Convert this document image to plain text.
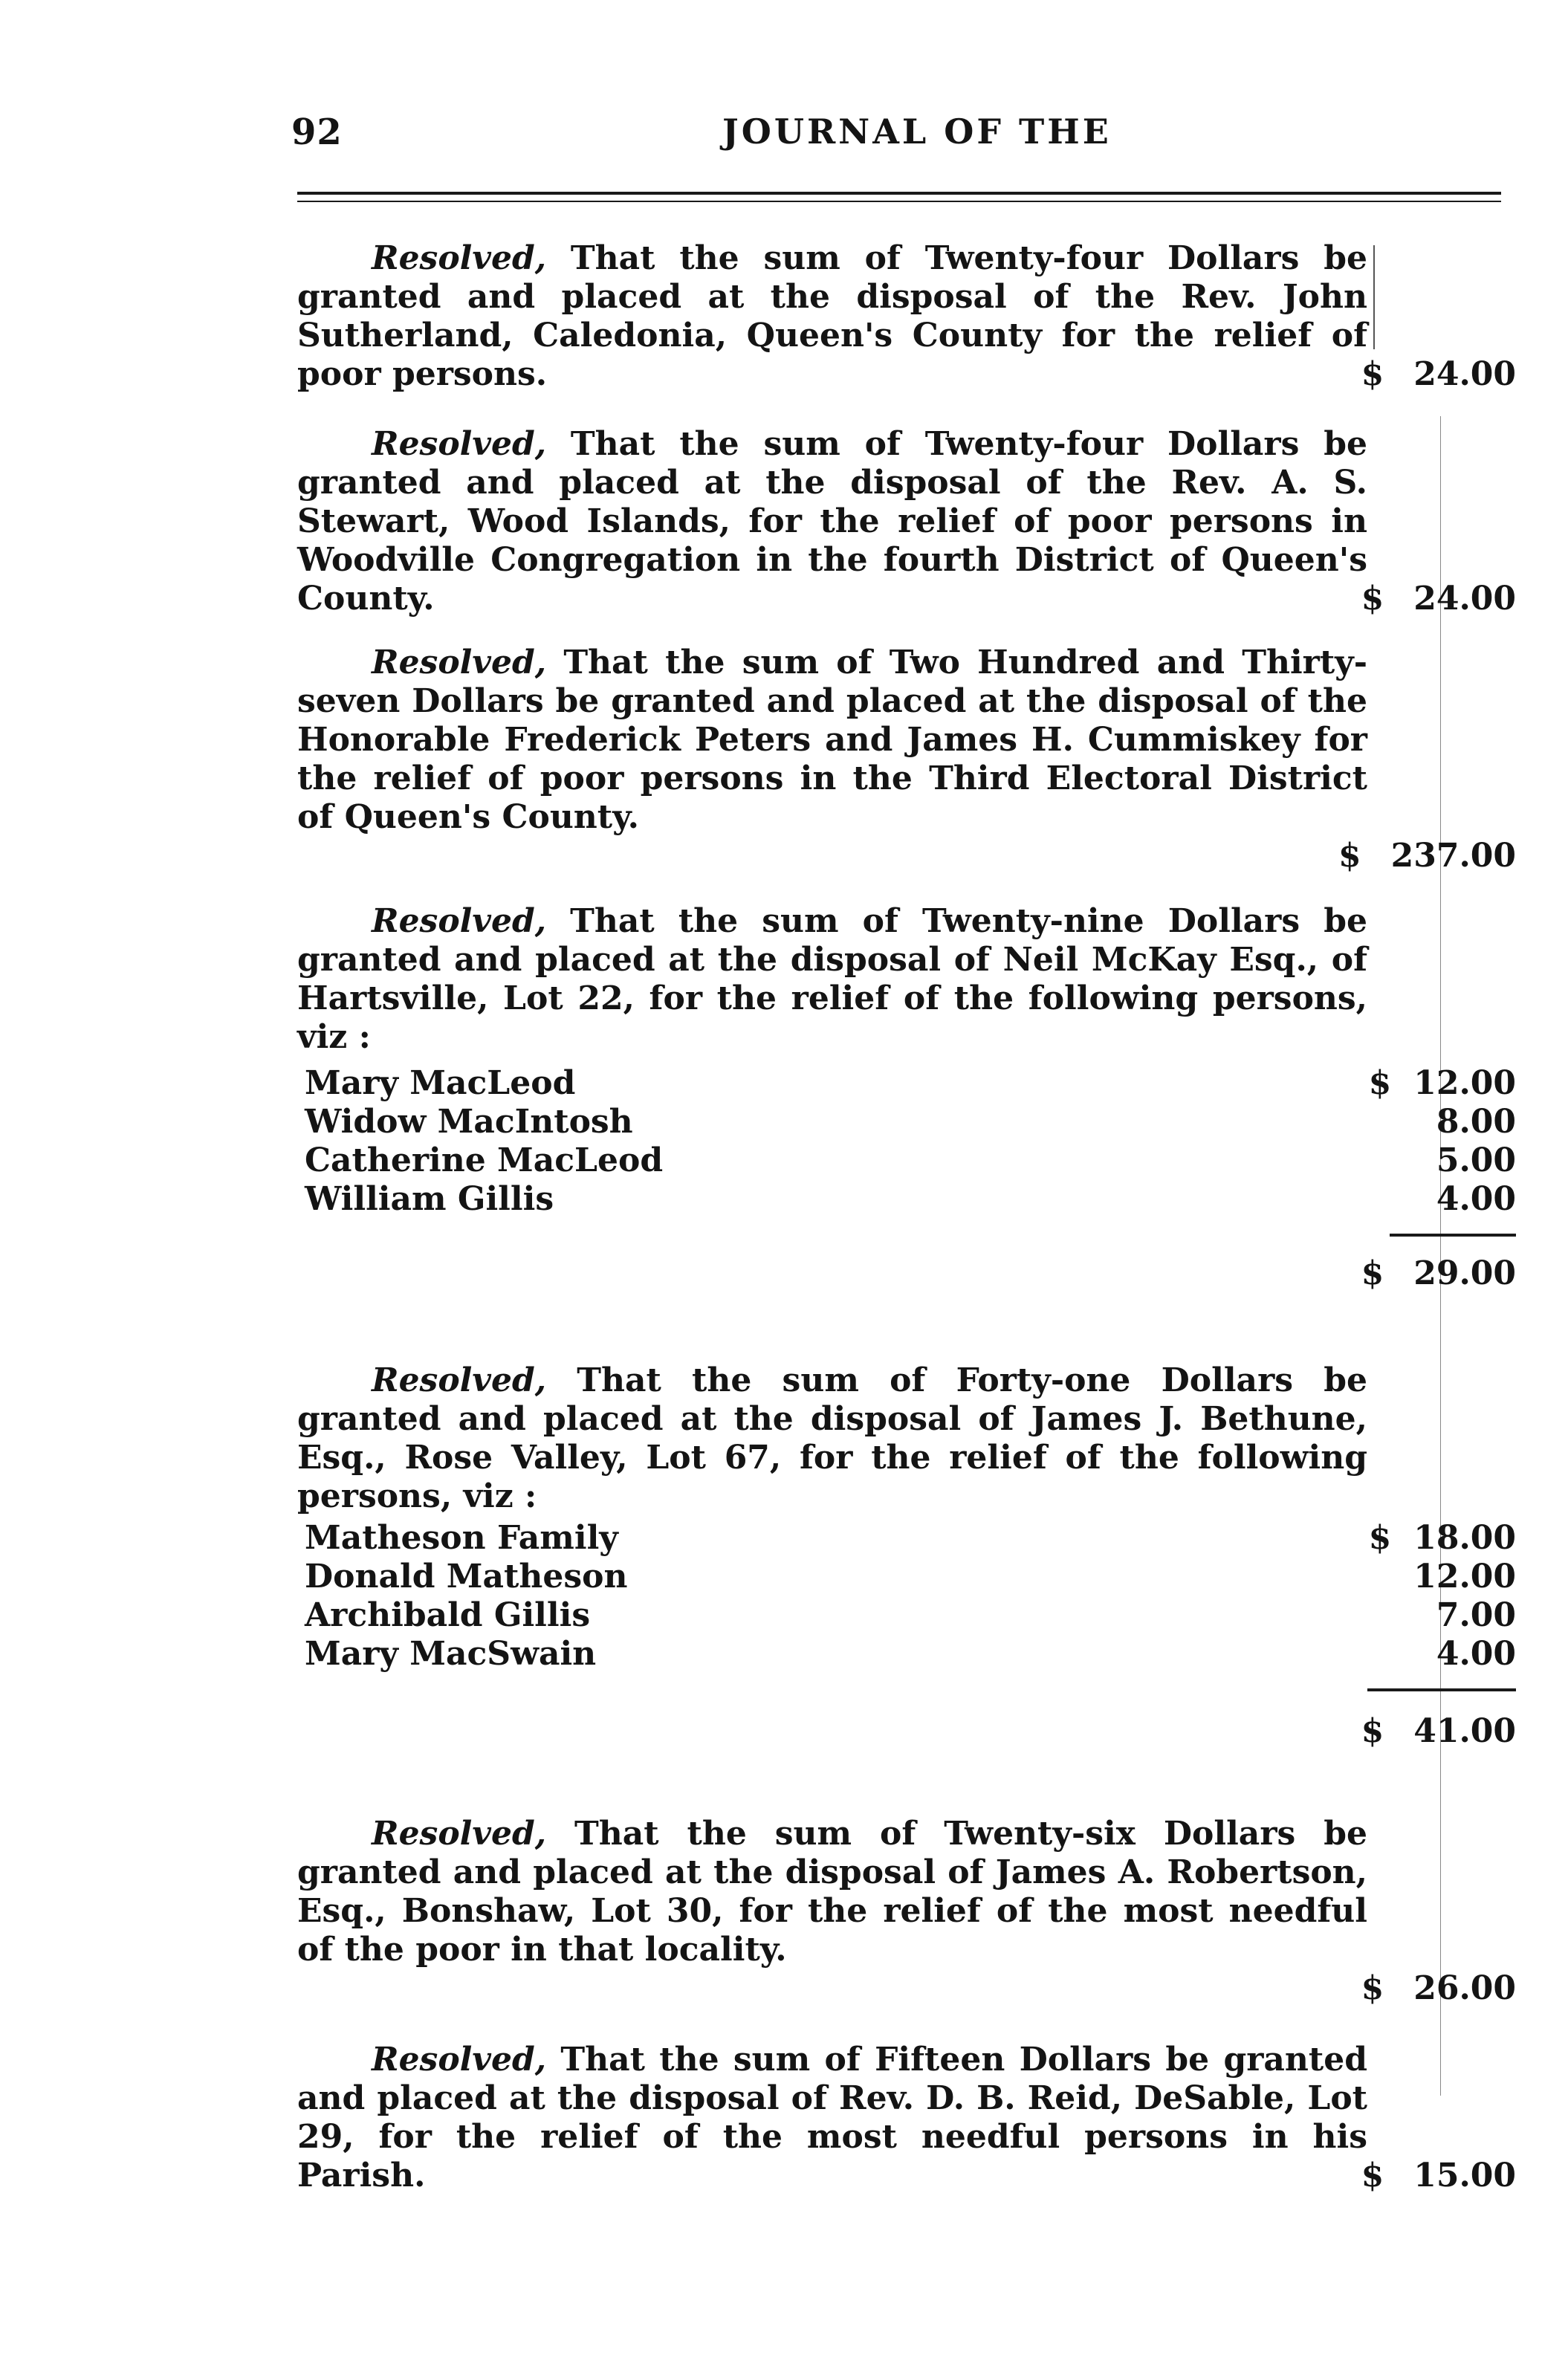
92	JOURNAL OF THE
Resolved, That the sum of Twenty-four Dollars be granted and placed at the disposal of the Rev. John Sutherland, Caledonia, Queen's County for the relief of poor persons.	$ 24.00

Resolved, That the sum of Twenty-four Dollars be granted and placed at the disposal of the Rev. A. S. Stewart, Wood Islands, for the relief of poor persons in Woodville Congregation in the fourth District of Queen's County.	$ 24.00

Resolved, That the sum of Two Hundred and Thirty-seven Dollars be granted and placed at the disposal of the Honorable Frederick Peters and James H. Cummiskey for the relief of poor persons in the Third Electoral District of Queen's County.

$ 237.00

Resolved, That the sum of Twenty-nine Dollars be granted and placed at the disposal of Neil McKay Esq., of Hartsville, Lot 22, for the relief of the following persons, viz :
Mary MacLeod	$ 12.00
Widow MacIntosh	8.00
Catherine MacLeod	5.00
William Gillis	4.00
$ 29.00
Resolved, That the sum of Forty-one Dollars be granted and placed at the disposal of James J. Bethune, Esq., Rose Valley, Lot 67, for the relief of the following persons, viz :
Matheson Family	$ 18.00
Donald Matheson	12.00
Archibald Gillis	7.00
Mary MacSwain	4.00
$ 41.00
Resolved, That the sum of Twenty-six Dollars be granted and placed at the disposal of James A. Robertson, Esq., Bonshaw, Lot 30, for the relief of the most needful of the poor in that locality.

$ 26.00

Resolved, That the sum of Fifteen Dollars be granted and placed at the disposal of Rev. D. B. Reid, DeSable, Lot 29, for the relief of the most needful persons in his Parish.	$ 15.00
